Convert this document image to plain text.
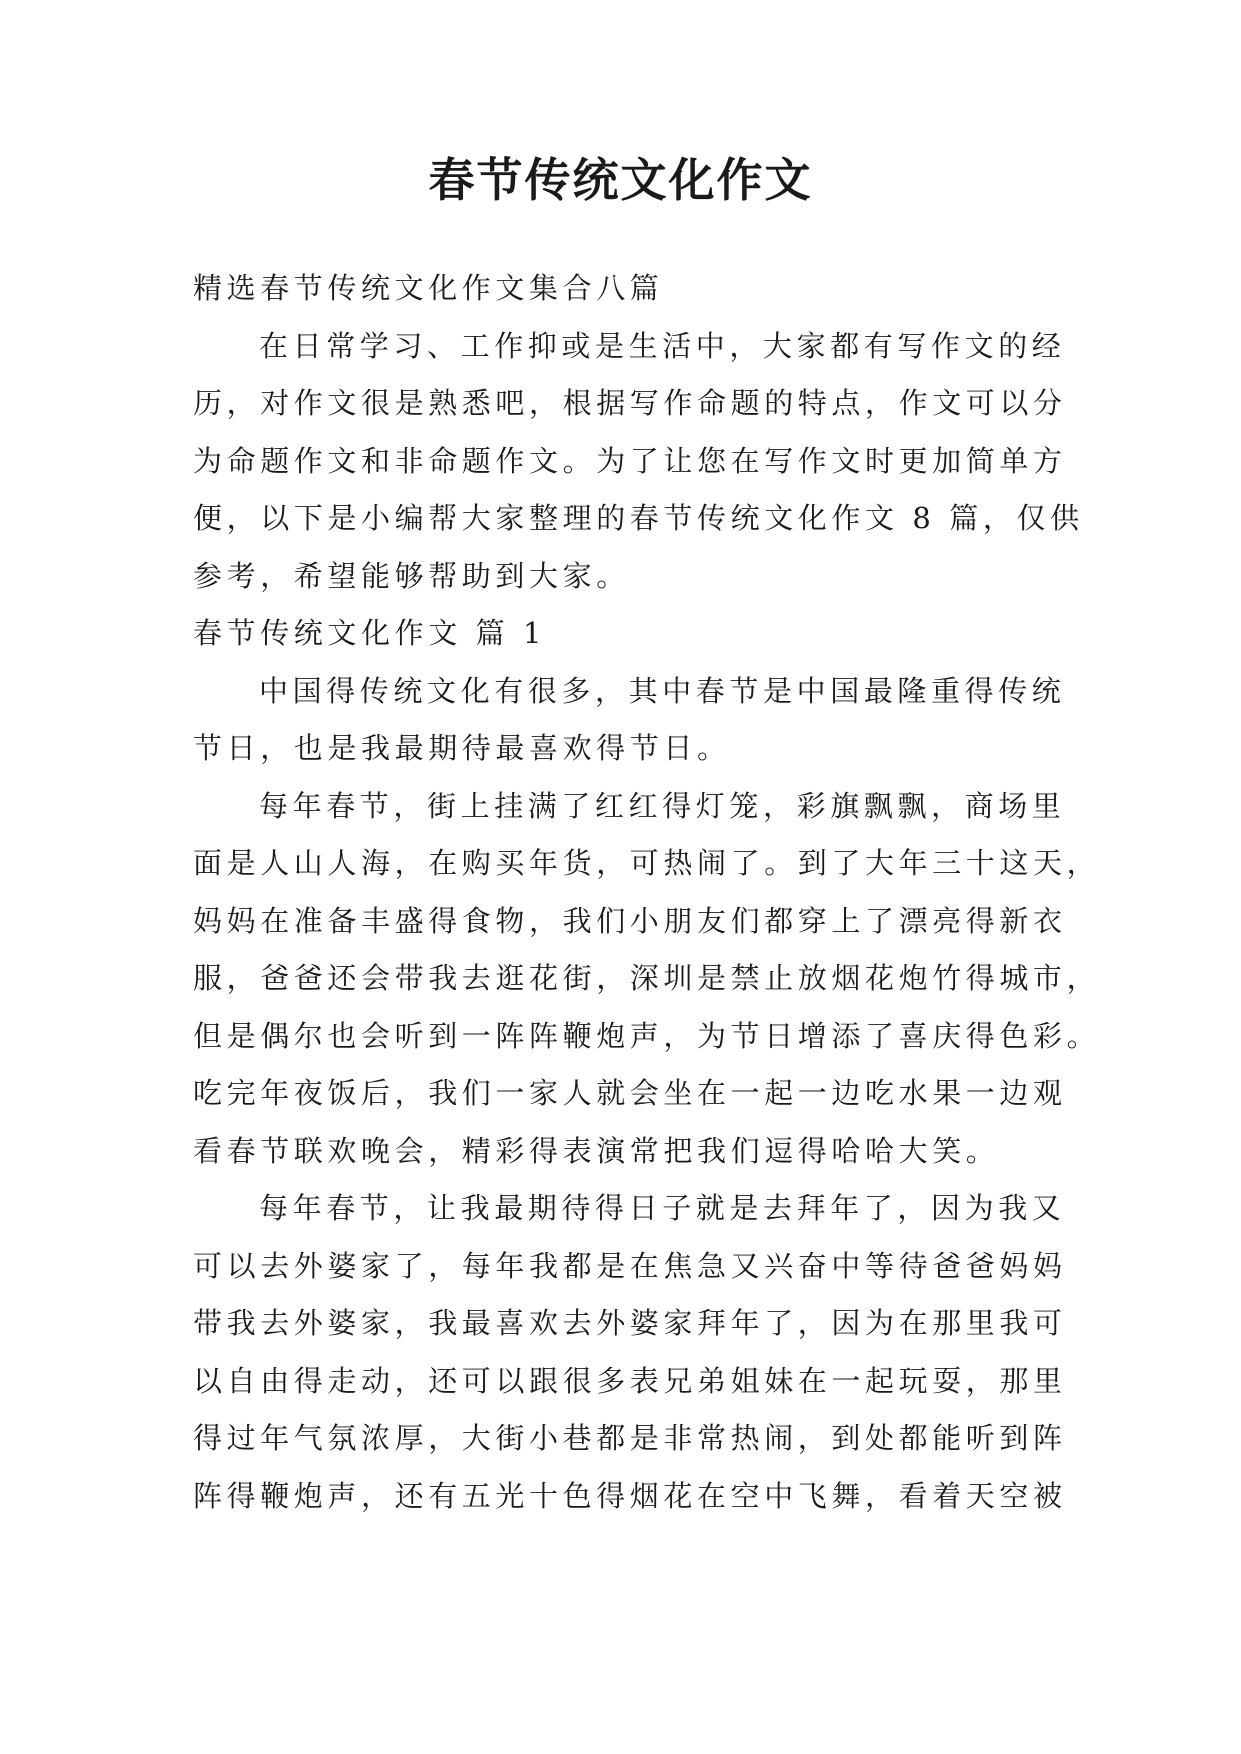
春节传统文化作文
精选春节传统文化作文集合八篇
在日常学习、工作抑或是生活中，大家都有写作文的经
历，对作文很是熟悉吧，根据写作命题的特点，作文可以分
为命题作文和非命题作文。为了让您在写作文时更加简单方
便，以下是小编帮大家整理的春节传统文化作文 8 篇，仅供
参考，希望能够帮助到大家。
春节传统文化作文 篇 1
中国得传统文化有很多，其中春节是中国最隆重得传统
节日，也是我最期待最喜欢得节日。
每年春节，街上挂满了红红得灯笼，彩旗飘飘，商场里
面是人山人海，在购买年货，可热闹了。到了大年三十这天，
妈妈在准备丰盛得食物，我们小朋友们都穿上了漂亮得新衣
服，爸爸还会带我去逛花街，深圳是禁止放烟花炮竹得城市，
但是偶尔也会听到一阵阵鞭炮声，为节日增添了喜庆得色彩。
吃完年夜饭后，我们一家人就会坐在一起一边吃水果一边观
看春节联欢晚会，精彩得表演常把我们逗得哈哈大笑。
每年春节，让我最期待得日子就是去拜年了，因为我又
可以去外婆家了，每年我都是在焦急又兴奋中等待爸爸妈妈
带我去外婆家，我最喜欢去外婆家拜年了，因为在那里我可
以自由得走动，还可以跟很多表兄弟姐妹在一起玩耍，那里
得过年气氛浓厚，大街小巷都是非常热闹，到处都能听到阵
阵得鞭炮声，还有五光十色得烟花在空中飞舞，看着天空被
